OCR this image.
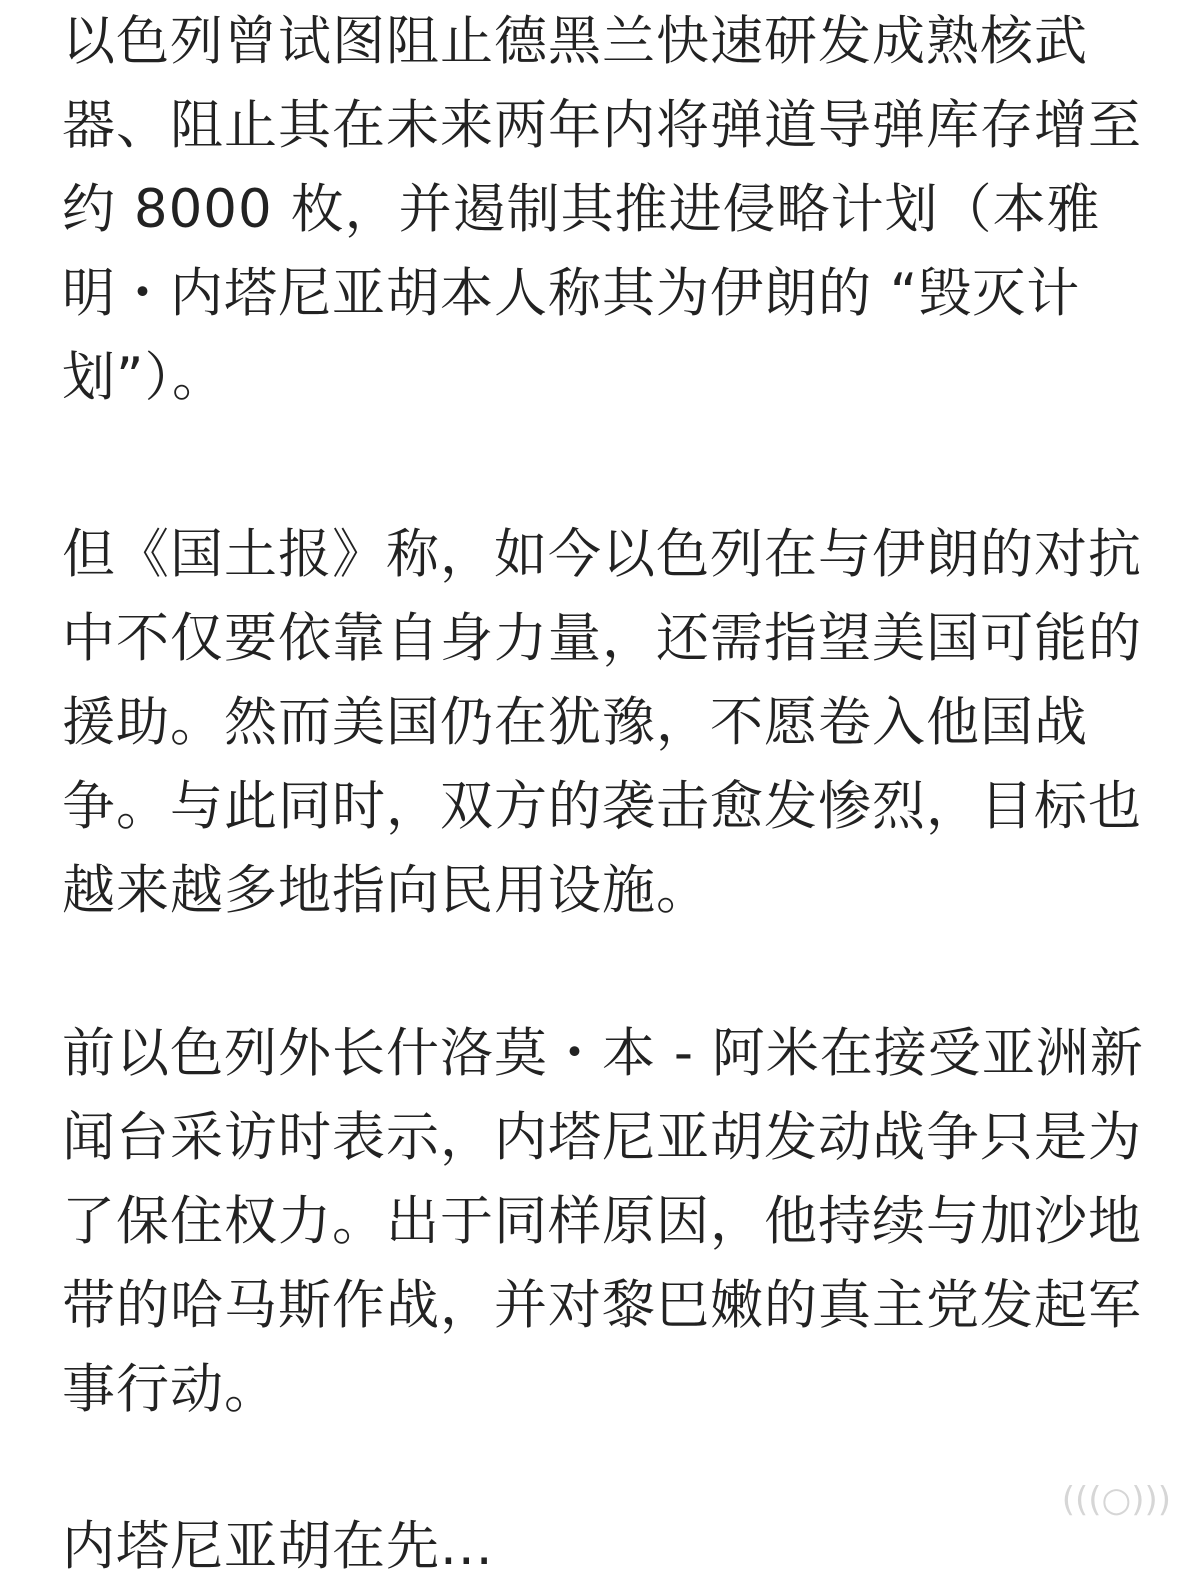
以色列曾试图阻止德黑兰快速研发成熟核武
器、阻止其在未来两年内将弹道导弹库存增至
约 8000 枚，并遏制其推进侵略计划（本雅
明・内塔尼亚胡本人称其为伊朗的 “毁灭计
划”）。
但《国土报》称，如今以色列在与伊朗的对抗
中不仅要依靠自身力量，还需指望美国可能的
援助。然而美国仍在犹豫，不愿卷入他国战
争。与此同时，双方的袭击愈发惨烈，目标也
越来越多地指向民用设施。
前以色列外长什洛莫・本 - 阿米在接受亚洲新
闻台采访时表示，内塔尼亚胡发动战争只是为
了保住权力。出于同样原因，他持续与加沙地
带的哈马斯作战，并对黎巴嫩的真主党发起军
事行动。
内塔尼亚胡在先...
(((○)))
